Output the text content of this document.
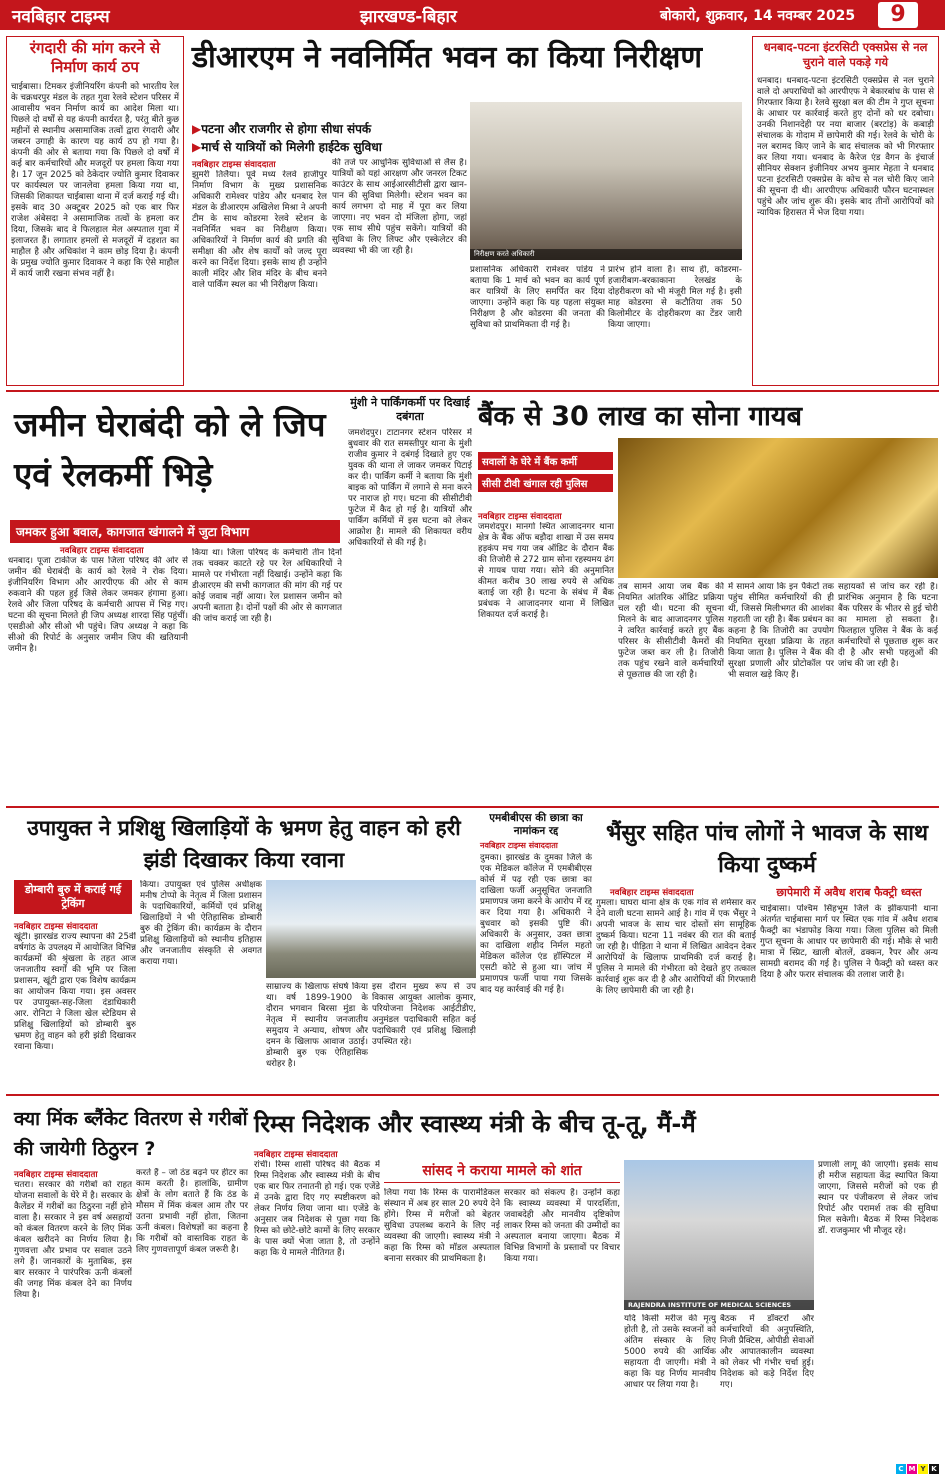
नवबिहार टाइम्स	झारखण्ड-बिहार	बोकारो, शुक्रवार, 14 नवम्बर 2025	9
रंगदारी की मांग करने से निर्माण कार्य ठप
चाईबासा। टिमकर इंजीनियरिंग कंपनी को भारतीय रेल के चक्रधरपुर मंडल के तहत गुवा रेलवे स्टेशन परिसर में आवासीय भवन निर्माण कार्य का आदेश मिला था। पिछले दो वर्षों से यह कंपनी कार्यरत है, परंतु बीते कुछ महीनों से स्थानीय असामाजिक तत्वों द्वारा रंगदारी और जबरन उगाही के कारण यह कार्य ठप हो गया है। कंपनी की ओर से बताया गया कि पिछले दो वर्षों में कई बार कर्मचारियों और मजदूरों पर हमला किया गया है। 17 जून 2025 को ठेकेदार ज्योति कुमार दिवाकर पर कार्यस्थल पर जानलेवा हमला किया गया था, जिसकी शिकायत चाईबासा थाना में दर्ज कराई गई थी। इसके बाद 30 अक्टूबर 2025 को एक बार फिर राजेश अंबेसदा ने असामाजिक तत्वों के हमला कर दिया, जिसके बाद वे फिलहाल मेल अस्पताल गुवा में इलाजरत हैं। लगातार हमलों से मजदूरों में दहशत का माहौल है और अधिकांश ने काम छोड़ दिया है। कंपनी के प्रमुख ज्योति कुमार दिवाकर ने कहा कि ऐसे माहौल में कार्य जारी रखना संभव नहीं है।
डीआरएम ने नवनिर्मित भवन का किया निरीक्षण
▶पटना और राजगीर से होगा सीधा संपर्क
▶मार्च से यात्रियों को मिलेगी हाईटेक सुविधा
नवबिहार टाइम्स संवाददाता
झुमरी तिलैया। पूर्व मध्य रेलवे हाजीपुर निर्माण विभाग के मुख्य प्रशासनिक अधिकारी रामेश्वर पांडेय और धनबाद रेल मंडल के डीआरएम अखिलेश मिश्रा ने अपनी टीम के साथ कोडरमा रेलवे स्टेशन के नवनिर्मित भवन का निरीक्षण किया। अधिकारियों ने निर्माण कार्य की प्रगति की समीक्षा की और शेष कार्यों को जल्द पूरा करने का निर्देश दिया। इसके साथ ही उन्होंने काली मंदिर और शिव मंदिर के बीच बनने वाले पार्किंग स्थल का भी निरीक्षण किया।
की तर्ज पर आधुनिक सुविधाओं से लैस है। यात्रियों को यहां आरक्षण और जनरल टिकट काउंटर के साथ आईआरसीटीसी द्वारा खान-पान की सुविधा मिलेगी। स्टेशन भवन का कार्य लगभग दो माह में पूरा कर लिया जाएगा। नए भवन दो मंजिला होगा, जहां एक साथ सीधे पहुंच सकेंगे। यात्रियों की सुविधा के लिए लिफ्ट और एस्केलेटर की व्यवस्था भी की जा रही है।	निरीक्षण करते अधिकारी
प्रशासनिक अधिकारी रामेश्वर पांडेय ने बताया कि 1 मार्च को भवन का कार्य पूर्ण कर यात्रियों के लिए समर्पित कर दिया जाएगा। उन्होंने कहा कि यह पहला संयुक्त निरीक्षण है और कोडरमा की जनता की सुविधा को प्राथमिकता दी गई है।
प्रारंभ होने वाला है। साथ ही, कोडरमा-हजारीबाग-बरकाकाना रेलखंड के दोहरीकरण को भी मंजूरी मिल गई है। इसी माह कोडरमा से कटौतिया तक 50 किलोमीटर के दोहरीकरण का टेंडर जारी किया जाएगा।
धनबाद-पटना इंटरसिटी एक्सप्रेस से नल चुराने वाले पकड़े गये
धनबाद। धनबाद-पटना इंटरसिटी एक्सप्रेस से नल चुराने वाले दो अपराधियों को आरपीएफ ने बेकारबांध के पास से गिरफ्तार किया है। रेलवे सुरक्षा बल की टीम ने गुप्त सूचना के आधार पर कार्रवाई करते हुए दोनों को धर दबोचा। उनकी निशानदेही पर नया बाजार (बरटांड़) के कबाड़ी संचालक के गोदाम में छापेमारी की गई। रेलवे के चोरी के नल बरामद किए जाने के बाद संचालक को भी गिरफ्तार कर लिया गया। धनबाद के कैरेज एंड वैगन के इंचार्ज सीनियर सेक्शन इंजीनियर अभय कुमार मेहता ने धनबाद पटना इंटरसिटी एक्सप्रेस के कोच से नल चोरी किए जाने की सूचना दी थी। आरपीएफ अधिकारी फौरन घटनास्थल पहुंचे और जांच शुरू की। इसके बाद तीनों आरोपियों को न्यायिक हिरासत में भेज दिया गया।
जमीन घेराबंदी को ले जिप एवं रेलकर्मी भिड़े
जमकर हुआ बवाल, कागजात खंगालने में जुटा विभाग
नवबिहार टाइम्स संवाददाता
धनबाद। पूजा टाकीज के पास जिला परिषद की ओर से जमीन की घेराबंदी के कार्य को रेलवे ने रोक दिया। इंजीनियरिंग विभाग और आरपीएफ की ओर से काम रुकवाने की पहल हुई जिसे लेकर जमकर हंगामा हुआ। रेलवे और जिला परिषद के कर्मचारी आपस में भिड़ गए। घटना की सूचना मिलते ही जिप अध्यक्ष शारदा सिंह पहुंचीं। एसडीओ और सीओ भी पहुंचे। जिप अध्यक्ष ने कहा कि सीओ की रिपोर्ट के अनुसार जमीन जिप की खतियानी जमीन है।
किया था। जिला परिषद के कर्मचारी तीन दिनों तक चक्कर काटते रहे पर रेल अधिकारियों ने मामले पर गंभीरता नहीं दिखाई। उन्होंने कहा कि डीआरएम की सभी कागजात की मांग की गई पर कोई जवाब नहीं आया। रेल प्रशासन जमीन को अपनी बताता है। दोनों पक्षों की ओर से कागजात की जांच कराई जा रही है।
मुंशी ने पार्किंगकर्मी पर दिखाई दबंगता
जमशेदपुर। टाटानगर स्टेशन परिसर में बुधवार की रात समस्तीपुर थाना के मुंशी राजीव कुमार ने दबंगई दिखाते हुए एक युवक की थाना ले जाकर जमकर पिटाई कर दी। पार्किंग कर्मी ने बताया कि मुंशी बाइक को पार्किंग में लगाने से मना करने पर नाराज हो गए। घटना की सीसीटीवी फुटेज में कैद हो गई है। यात्रियों और पार्किंग कर्मियों में इस घटना को लेकर आक्रोश है। मामले की शिकायत वरीय अधिकारियों से की गई है।
बैंक से 30 लाख का सोना गायब
सवालों के घेरे में बैंक कर्मी
सीसी टीवी खंगाल रही पुलिस
नवबिहार टाइम्स संवाददाता
जमशेदपुर। मानगो स्थित आजादनगर थाना क्षेत्र के बैंक ऑफ बड़ौदा शाखा में उस समय हड़कंप मच गया जब ऑडिट के दौरान बैंक की तिजोरी से 272 ग्राम सोना रहस्यमय ढंग से गायब पाया गया। सोने की अनुमानित कीमत करीब 30 लाख रुपये से अधिक बताई जा रही है। घटना के संबंध में बैंक प्रबंधक ने आजादनगर थाना में लिखित शिकायत दर्ज कराई है।
तब सामने आया जब बैंक की नियमित आंतरिक ऑडिट प्रक्रिया चल रही थी। घटना की सूचना मिलने के बाद आजादनगर पुलिस ने त्वरित कार्रवाई करते हुए बैंक परिसर के सीसीटीवी कैमरों की फुटेज जब्त कर ली है। तिजोरी तक पहुंच रखने वाले कर्मचारियों से पूछताछ की जा रही है।
में सामने आया कि इन पैकेटों तक पहुंच सीमित कर्मचारियों की ही थी, जिससे मिलीभगत की आशंका गहराती जा रही है। बैंक प्रबंधन का कहना है कि तिजोरी का उपयोग नियमित सुरक्षा प्रक्रिया के तहत किया जाता है। पुलिस ने बैंक की सुरक्षा प्रणाली और प्रोटोकॉल पर भी सवाल खड़े किए हैं।
सहायकों से जांच कर रही है। प्रारंभिक अनुमान है कि घटना बैंक परिसर के भीतर से हुई चोरी का मामला हो सकता है। फिलहाल पुलिस ने बैंक के कई कर्मचारियों से पूछताछ शुरू कर दी है और सभी पहलुओं की जांच की जा रही है।
उपायुक्त ने प्रशिक्षु खिलाड़ियों के भ्रमण हेतु वाहन को हरी झंडी दिखाकर किया रवाना
डोम्बारी बुरु में कराई गई ट्रेकिंग
नवबिहार टाइम्स संवाददाता
खूंटी। झारखंड राज्य स्थापना की 25वीं वर्षगांठ के उपलक्ष्य में आयोजित विभिन्न कार्यक्रमों की श्रृंखला के तहत आज जनजातीय स्वर्गों की भूमि पर जिला प्रशासन, खूंटी द्वारा एक विशेष कार्यक्रम का आयोजन किया गया। इस अवसर पर उपायुक्त-सह-जिला दंडाधिकारी आर. रोनिटा ने जिला खेल स्टेडियम से प्रशिक्षु खिलाड़ियों को डोम्बारी बुरु भ्रमण हेतु वाहन को हरी झंडी दिखाकर रवाना किया।
किया। उपायुक्त एवं पुलिस अधीक्षक मनीष टोप्पो के नेतृत्व में जिला प्रशासन के पदाधिकारियों, कर्मियों एवं प्रशिक्षु खिलाड़ियों ने भी ऐतिहासिक डोम्बारी बुरु की ट्रेकिंग की। कार्यक्रम के दौरान प्रशिक्षु खिलाड़ियों को स्थानीय इतिहास और जनजातीय संस्कृति से अवगत कराया गया।
साम्राज्य के खिलाफ संघर्ष किया था। वर्ष 1899-1900 के दौरान भगवान बिरसा मुंडा के नेतृत्व में स्थानीय जनजातीय समुदाय ने अन्याय, शोषण और दमन के खिलाफ आवाज उठाई। डोम्बारी बुरु एक ऐतिहासिक धरोहर है।
इस दौरान मुख्य रूप से उप विकास आयुक्त आलोक कुमार, परियोजना निदेशक आईटीडीए, अनुमंडल पदाधिकारी सहित कई पदाधिकारी एवं प्रशिक्षु खिलाड़ी उपस्थित रहे।
एमबीबीएस की छात्रा का नामांकन रद्द
नवबिहार टाइम्स संवाददाता
दुमका। झारखंड के दुमका जिले के एक मेडिकल कॉलेज में एमबीबीएस कोर्स में पढ़ रही एक छात्रा का दाखिला फर्जी अनुसूचित जनजाति प्रमाणपत्र जमा करने के आरोप में रद्द कर दिया गया है। अधिकारी ने बुधवार को इसकी पुष्टि की। अधिकारी के अनुसार, उक्त छात्रा का दाखिला शहीद निर्मल महतो मेडिकल कॉलेज एंड हॉस्पिटल में एसटी कोटे से हुआ था। जांच में प्रमाणपत्र फर्जी पाया गया जिसके बाद यह कार्रवाई की गई है।
भैंसुर सहित पांच लोगों ने भावज के साथ किया दुष्कर्म
नवबिहार टाइम्स संवाददाता
गुमला। घाघरा थाना क्षेत्र के एक गांव से शर्मसार कर देने वाली घटना सामने आई है। गांव में एक भैंसुर ने अपनी भावज के साथ चार दोस्तों संग सामूहिक दुष्कर्म किया। घटना 11 नवंबर की रात की बताई जा रही है। पीड़िता ने थाना में लिखित आवेदन देकर आरोपियों के खिलाफ प्राथमिकी दर्ज कराई है। पुलिस ने मामले की गंभीरता को देखते हुए तत्काल कार्रवाई शुरू कर दी है और आरोपियों की गिरफ्तारी के लिए छापेमारी की जा रही है।
छापेमारी में अवैध शराब फैक्ट्री ध्वस्त
चाईबासा। पश्चिम सिंहभूम जिले के झींकपानी थाना अंतर्गत चाईबासा मार्ग पर स्थित एक गांव में अवैध शराब फैक्ट्री का भंडाफोड़ किया गया। जिला पुलिस को मिली गुप्त सूचना के आधार पर छापेमारी की गई। मौके से भारी मात्रा में स्प्रिट, खाली बोतलें, ढक्कन, रैपर और अन्य सामग्री बरामद की गई है। पुलिस ने फैक्ट्री को ध्वस्त कर दिया है और फरार संचालक की तलाश जारी है।
क्या मिंक ब्लैंकेट वितरण से गरीबों की जायेगी ठिठुरन ?
नवबिहार टाइम्स संवाददाता
चतरा। सरकार की गरीबों को राहत योजना सवालों के घेरे में है। सरकार के कैलेंडर में गरीबों का ठिठुरना नहीं होने वाला है। सरकार ने इस वर्ष असहायों को कंबल वितरण करने के लिए मिंक कंबल खरीदने का निर्णय लिया है। गुणवत्ता और प्रभाव पर सवाल उठने लगे हैं। जानकारों के मुताबिक, इस बार सरकार ने पारंपरिक ऊनी कंबलों की जगह मिंक कंबल देने का निर्णय लिया है।
करते हैं – जो ठंड बढ़ने पर हीटर का काम करती है। हालांकि, ग्रामीण क्षेत्रों के लोग बताते हैं कि ठंड के मौसम में मिंक कंबल आम तौर पर उतना प्रभावी नहीं होता, जितना ऊनी कंबल। विशेषज्ञों का कहना है कि गरीबों को वास्तविक राहत के लिए गुणवत्तापूर्ण कंबल जरूरी है।
रिम्स निदेशक और स्वास्थ्य मंत्री के बीच तू-तू, मैं-मैं
नवबिहार टाइम्स संवाददाता
रांची। रिम्स शासी परिषद की बैठक में रिम्स निदेशक और स्वास्थ्य मंत्री के बीच एक बार फिर तनातनी हो गई। एक एजेंडे में उनके द्वारा दिए गए स्पष्टीकरण को लेकर निर्णय लिया जाना था। एजेंडे के अनुसार जब निदेशक से पूछा गया कि रिम्स को छोटे-छोटे कामों के लिए सरकार के पास क्यों भेजा जाता है, तो उन्होंने कहा कि ये मामले नीतिगत हैं।
सांसद ने कराया मामले को शांत
लिया गया कि रिम्स के पारामेडिकल संस्थान में अब हर साल 20 रुपये देने होंगे। रिम्स में मरीजों को बेहतर सुविधा उपलब्ध कराने के लिए नई व्यवस्था की जाएगी। स्वास्थ्य मंत्री ने कहा कि रिम्स को मॉडल अस्पताल बनाना सरकार की प्राथमिकता है।
सरकार को संकल्प है। उन्होंने कहा कि स्वास्थ्य व्यवस्था में पारदर्शिता, जवाबदेही और मानवीय दृष्टिकोण लाकर रिम्स को जनता की उम्मीदों का अस्पताल बनाया जाएगा। बैठक में विभिन्न विभागों के प्रस्तावों पर विचार किया गया।
RAJENDRA INSTITUTE OF MEDICAL SCIENCES
यदि किसी मरीज की मृत्यु होती है, तो उसके स्वजनों को अंतिम संस्कार के लिए 5000 रुपये की आर्थिक सहायता दी जाएगी। मंत्री ने कहा कि यह निर्णय मानवीय आधार पर लिया गया है।
बैठक में डॉक्टरों और कर्मचारियों की अनुपस्थिति, निजी प्रैक्टिस, ओपीडी सेवाओं और आपातकालीन व्यवस्था को लेकर भी गंभीर चर्चा हुई। निदेशक को कड़े निर्देश दिए गए।
प्रणाली लागू की जाएगी। इसके साथ ही मरीज सहायता केंद्र स्थापित किया जाएगा, जिससे मरीजों को एक ही स्थान पर पंजीकरण से लेकर जांच रिपोर्ट और परामर्श तक की सुविधा मिल सकेगी। बैठक में रिम्स निदेशक डॉ. राजकुमार भी मौजूद रहे।
C M Y K
